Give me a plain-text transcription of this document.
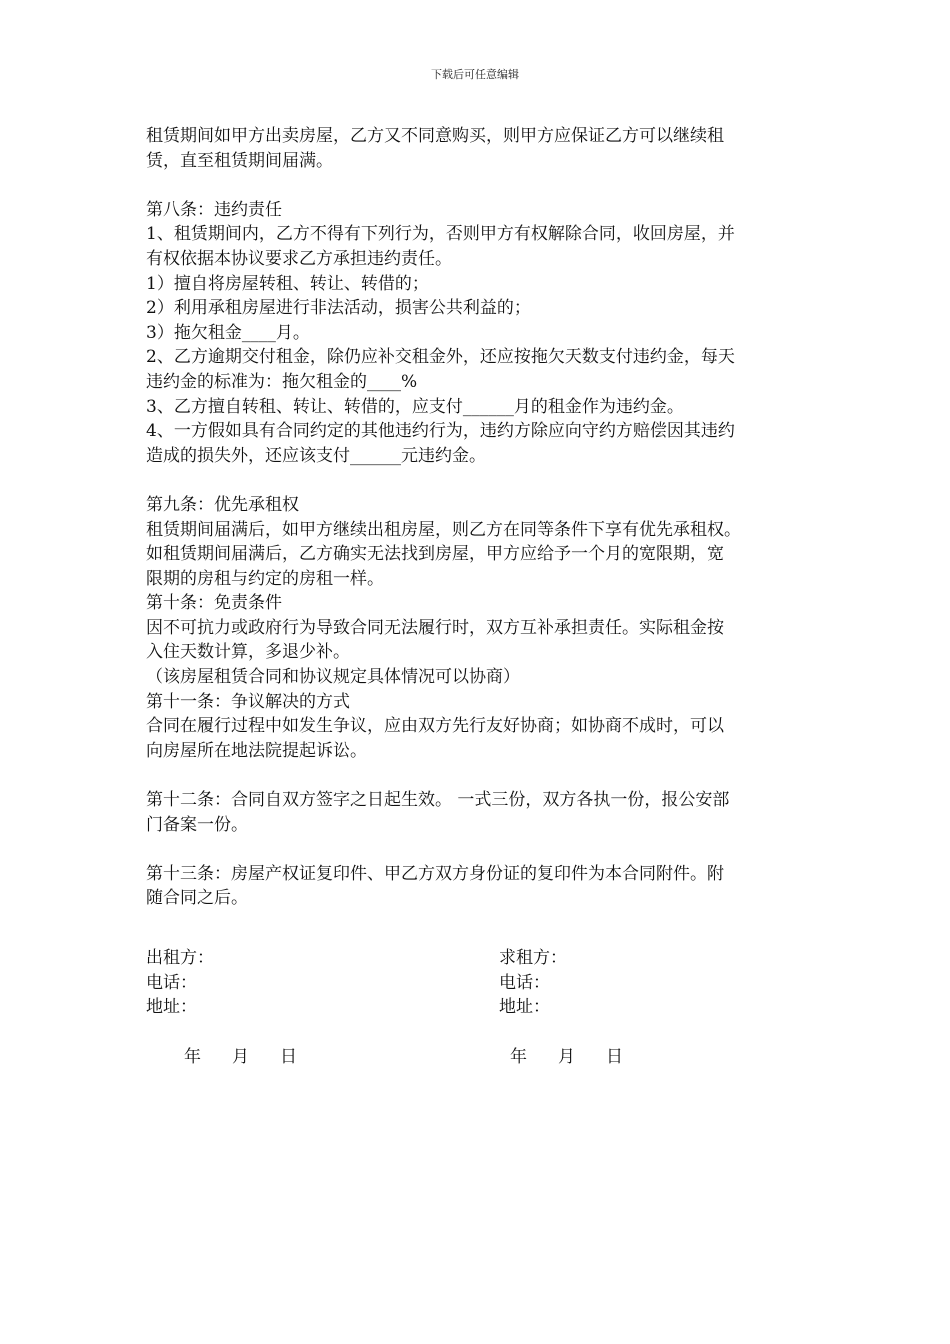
下载后可任意编辑
租赁期间如甲方出卖房屋，乙方又不同意购买，则甲方应保证乙方可以继续租
赁，直至租赁期间届满。
第八条：违约责任
1、租赁期间内，乙方不得有下列行为，否则甲方有权解除合同，收回房屋，并
有权依据本协议要求乙方承担违约责任。
1）擅自将房屋转租、转让、转借的；
2）利用承租房屋进行非法活动，损害公共利益的；
3）拖欠租金____月。
2、乙方逾期交付租金，除仍应补交租金外，还应按拖欠天数支付违约金，每天
违约金的标准为：拖欠租金的____%
3、乙方擅自转租、转让、转借的，应支付______月的租金作为违约金。
4、一方假如具有合同约定的其他违约行为，违约方除应向守约方赔偿因其违约
造成的损失外，还应该支付______元违约金。
第九条：优先承租权
租赁期间届满后，如甲方继续出租房屋，则乙方在同等条件下享有优先承租权。
如租赁期间届满后，乙方确实无法找到房屋，甲方应给予一个月的宽限期，宽
限期的房租与约定的房租一样。
第十条：免责条件
因不可抗力或政府行为导致合同无法履行时，双方互补承担责任。实际租金按
入住天数计算，多退少补。
（该房屋租赁合同和协议规定具体情况可以协商）
第十一条：争议解决的方式
合同在履行过程中如发生争议，应由双方先行友好协商；如协商不成时，可以
向房屋所在地法院提起诉讼。
第十二条：合同自双方签字之日起生效。 一式三份，双方各执一份，报公安部
门备案一份。
第十三条：房屋产权证复印件、甲乙方双方身份证的复印件为本合同附件。附
随合同之后。
出租方：
电话：
地址：
求租方：
电话：
地址：
年 月 日	年 月 日
